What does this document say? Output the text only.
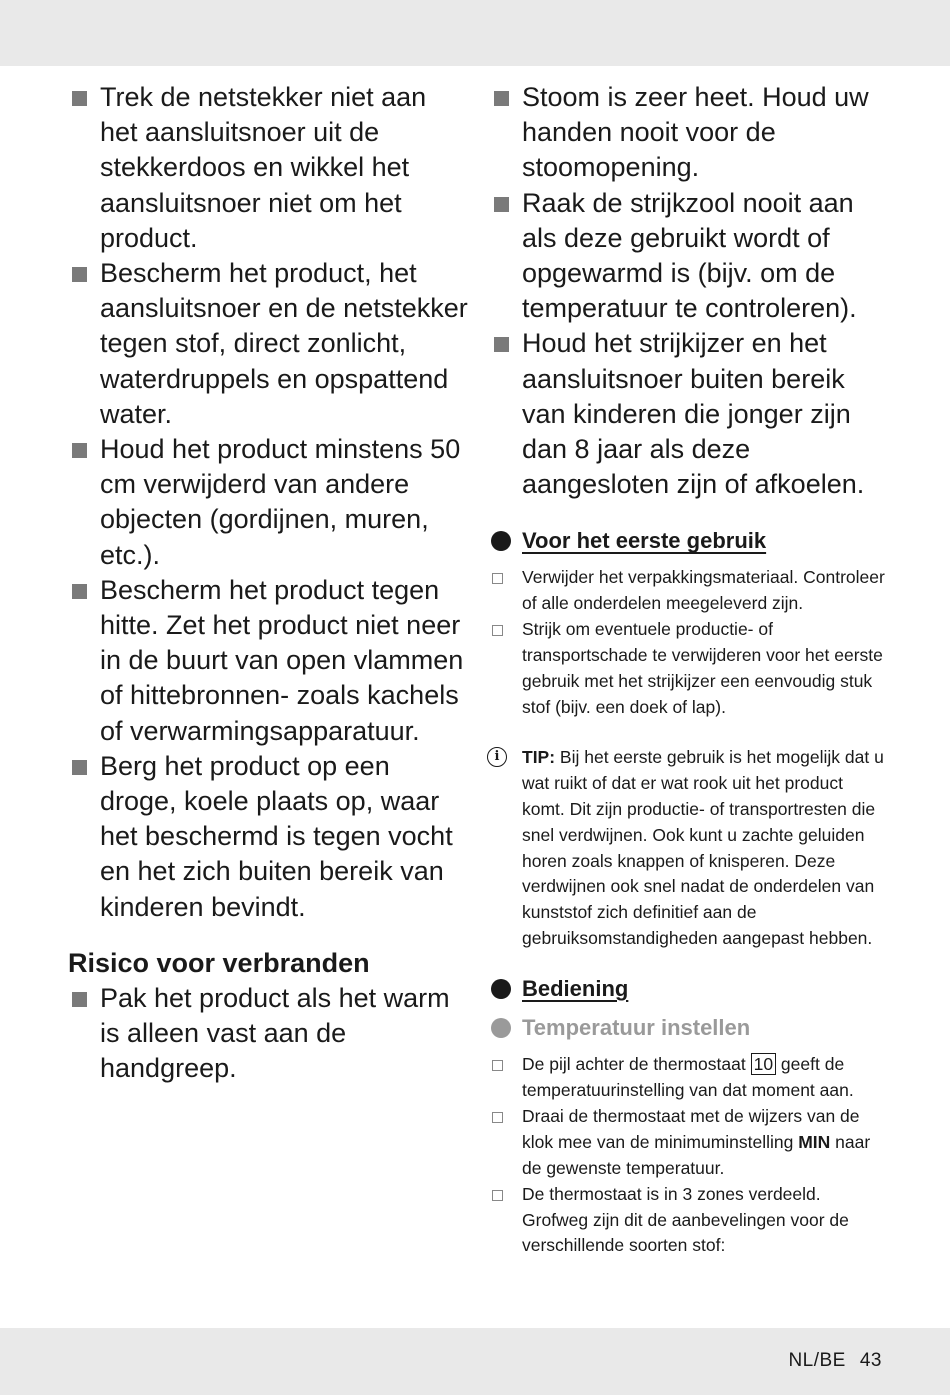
Trek de netstekker niet aan het aansluitsnoer uit de stekkerdoos en wikkel het aansluitsnoer niet om het product.
Bescherm het product, het aansluitsnoer en de netstekker tegen stof, direct zonlicht, waterdruppels en opspattend water.
Houd het product minstens 50 cm verwijderd van andere objecten (gordijnen, muren, etc.).
Bescherm het product tegen hitte. Zet het product niet neer in de buurt van open vlammen of hittebronnen- zoals kachels of verwarmingsapparatuur.
Berg het product op een droge, koele plaats op, waar het beschermd is tegen vocht en het zich buiten bereik van kinderen bevindt.
Risico voor verbranden
Pak het product als het warm is alleen vast aan de handgreep.
Stoom is zeer heet. Houd uw handen nooit voor de stoomopening.
Raak de strijkzool nooit aan als deze gebruikt wordt of opgewarmd is (bijv. om de temperatuur te controleren).
Houd het strijkijzer en het aansluitsnoer buiten bereik van kinderen die jonger zijn dan 8 jaar als deze aangesloten zijn of afkoelen.
Voor het eerste gebruik
Verwijder het verpakkingsmateriaal. Controleer of alle onderdelen meegeleverd zijn.
Strijk om eventuele productie- of transportschade te verwijderen voor het eerste gebruik met het strijkijzer een eenvoudig stuk stof (bijv. een doek of lap).
i	TIP: Bij het eerste gebruik is het mogelijk dat u wat ruikt of dat er wat rook uit het product komt. Dit zijn productie- of transportresten die snel verdwijnen. Ook kunt u zachte geluiden horen zoals knappen of knisperen. Deze verdwijnen ook snel nadat de onderdelen van kunststof zich definitief aan de gebruiksomstandigheden aangepast hebben.
Bediening
Temperatuur instellen
De pijl achter de thermostaat 10 geeft de temperatuurinstelling van dat moment aan.
Draai de thermostaat met de wijzers van de klok mee van de minimuminstelling MIN naar de gewenste temperatuur.
De thermostaat is in 3 zones verdeeld. Grofweg zijn dit de aanbevelingen voor de verschillende soorten stof:
NL/BE 43
